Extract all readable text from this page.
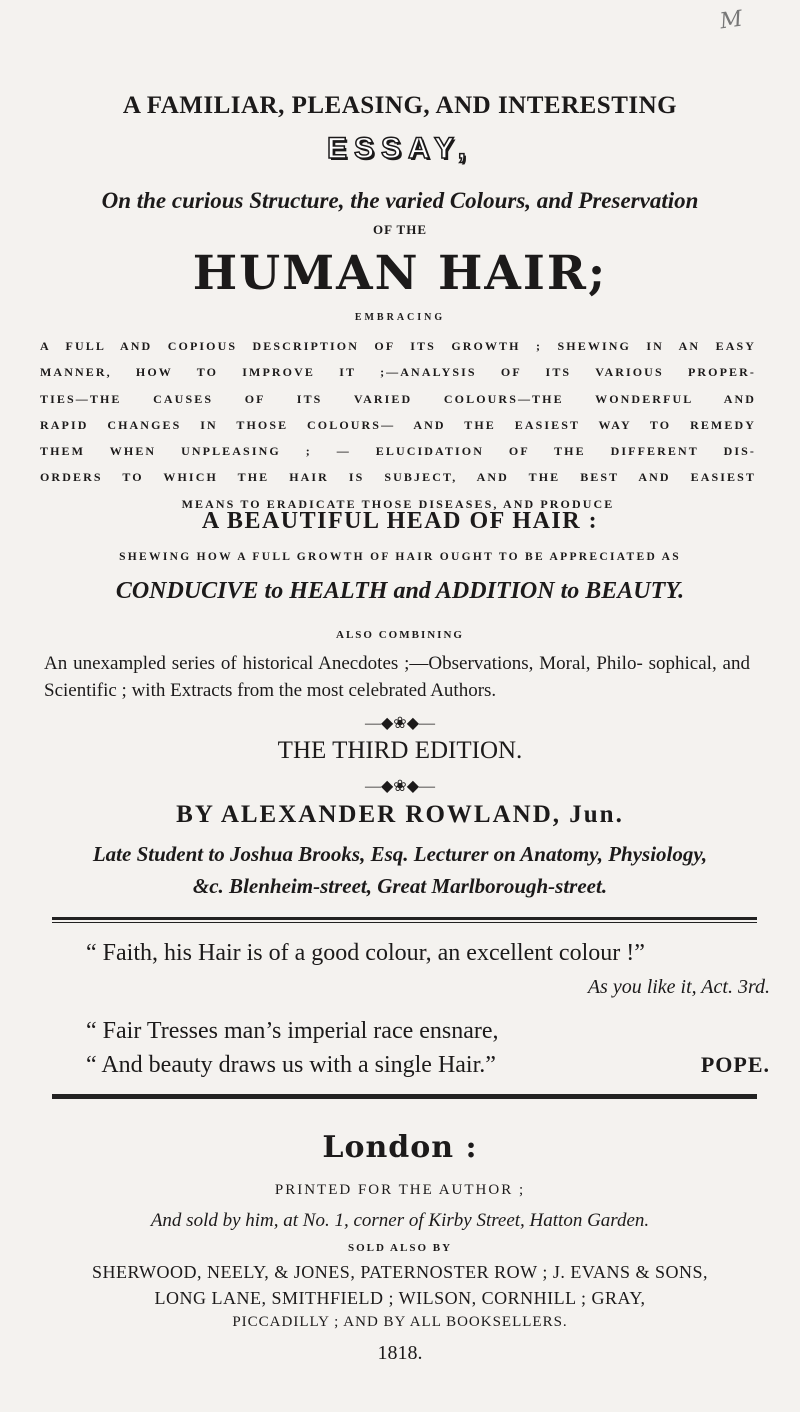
M
A FAMILIAR, PLEASING, AND INTERESTING
ESSAY,
On the curious Structure, the varied Colours, and Preservation
OF THE
HUMAN HAIR;
EMBRACING
A FULL AND COPIOUS DESCRIPTION OF ITS GROWTH ; SHEWING IN AN EASY
MANNER, HOW TO IMPROVE IT ;—ANALYSIS OF ITS VARIOUS PROPER-
TIES—THE CAUSES OF ITS VARIED COLOURS—THE WONDERFUL AND
RAPID CHANGES IN THOSE COLOURS— AND THE EASIEST WAY TO REMEDY
THEM WHEN UNPLEASING ; — ELUCIDATION OF THE DIFFERENT DIS-
ORDERS TO WHICH THE HAIR IS SUBJECT, AND THE BEST AND EASIEST
MEANS TO ERADICATE THOSE DISEASES, AND PRODUCE
A BEAUTIFUL HEAD OF HAIR :
SHEWING HOW A FULL GROWTH OF HAIR OUGHT TO BE APPRECIATED AS
CONDUCIVE to HEALTH and ADDITION to BEAUTY.
ALSO COMBINING
An unexampled series of historical Anecdotes ;—Observations, Moral, Philo- sophical, and Scientific ; with Extracts from the most celebrated Authors.
—◆❀◆—
THE THIRD EDITION.
—◆❀◆—
BY ALEXANDER ROWLAND, Jun.
Late Student to Joshua Brooks, Esq. Lecturer on Anatomy, Physiology,
&c. Blenheim-street, Great Marlborough-street.
“ Faith, his Hair is of a good colour, an excellent colour !”
As you like it, Act. 3rd.
“ Fair Tresses man’s imperial race ensnare,
“ And beauty draws us with a single Hair.”	POPE.
London :
PRINTED FOR THE AUTHOR ;
And sold by him, at No. 1, corner of Kirby Street, Hatton Garden.
SOLD ALSO BY
SHERWOOD, NEELY, & JONES, PATERNOSTER ROW ; J. EVANS & SONS,
LONG LANE, SMITHFIELD ; WILSON, CORNHILL ; GRAY,
PICCADILLY ; AND BY ALL BOOKSELLERS.
1818.
